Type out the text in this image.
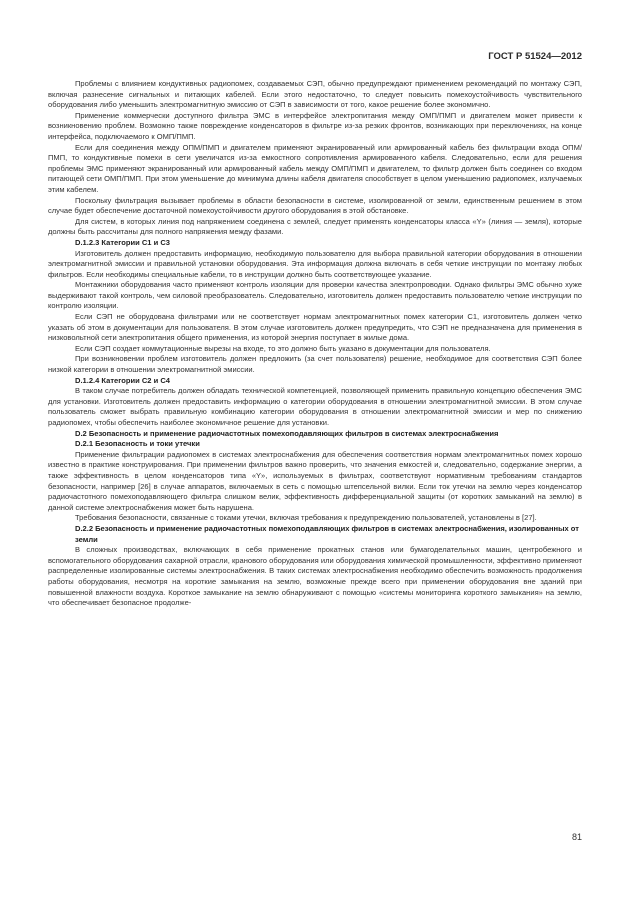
ГОСТ Р 51524—2012

Проблемы с влиянием кондуктивных радиопомех, создаваемых СЭП, обычно предупреждают применением рекомендаций по монтажу СЭП, включая разнесение сигнальных и питающих кабелей. Если этого недостаточно, то следует повысить помехоустойчивость чувствительного оборудования либо уменьшить электромагнитную эмиссию от СЭП в зависимости от того, какое решение более экономично.

Применение коммерчески доступного фильтра ЭМС в интерфейсе электропитания между ОМП/ПМП и двигателем может привести к возникновению проблем. Возможно также повреждение конденсаторов в фильтре из-за резких фронтов, возникающих при переключениях, на конце интерфейса, подключаемого к ОМП/ПМП.

Если для соединения между ОПМ/ПМП и двигателем применяют экранированный или армированный кабель без фильтрации входа ОПМ/ПМП, то кондуктивные помехи в сети увеличатся из-за емкостного сопротивления армированного кабеля. Следовательно, если для решения проблемы ЭМС применяют экранированный или армированный кабель между ОМП/ПМП и двигателем, то фильтр должен быть соединен со входом питающей сети ОМП/ПМП. При этом уменьшение до минимума длины кабеля двигателя способствует в целом уменьшению радиопомех, излучаемых этим кабелем.

Поскольку фильтрация вызывает проблемы в области безопасности в системе, изолированной от земли, единственным решением в этом случае будет обеспечение достаточной помехоустойчивости другого оборудования в этой обстановке.

Для систем, в которых линия под напряжением соединена с землей, следует применять конденсаторы класса «Y» (линия — земля), которые должны быть рассчитаны для полного напряжения между фазами.

D.1.2.3 Категории С1 и С3

Изготовитель должен предоставить информацию, необходимую пользователю для выбора правильной категории оборудования в отношении электромагнитной эмиссии и правильной установки оборудования. Эта информация должна включать в себя четкие инструкции по монтажу любых фильтров. Если необходимы специальные кабели, то в инструкции должно быть соответствующее указание.

Монтажники оборудования часто применяют контроль изоляции для проверки качества электропроводки. Однако фильтры ЭМС обычно хуже выдерживают такой контроль, чем силовой преобразователь. Следовательно, изготовитель должен предоставить пользователю четкие инструкции по контролю изоляции.

Если СЭП не оборудована фильтрами или не соответствует нормам электромагнитных помех категории С1, изготовитель должен четко указать об этом в документации для пользователя. В этом случае изготовитель должен предупредить, что СЭП не предназначена для применения в низковольтной сети электропитания общего применения, из которой энергия поступает в жилые дома.

Если СЭП создает коммутационные вырезы на входе, то это должно быть указано в документации для пользователя.

При возникновении проблем изготовитель должен предложить (за счет пользователя) решение, необходимое для соответствия СЭП более низкой категории в отношении электромагнитной эмиссии.

D.1.2.4 Категории С2 и С4

В таком случае потребитель должен обладать технической компетенцией, позволяющей применить правильную концепцию обеспечения ЭМС для установки. Изготовитель должен предоставить информацию о категории оборудования в отношении электромагнитной эмиссии. В этом случае пользователь сможет выбрать правильную комбинацию категории оборудования в отношении электромагнитной эмиссии и мер по снижению радиопомех, чтобы обеспечить наиболее экономичное решение для установки.

D.2 Безопасность и применение радиочастотных помехоподавляющих фильтров в системах электроснабжения

D.2.1 Безопасность и токи утечки

Применение фильтрации радиопомех в системах электроснабжения для обеспечения соответствия нормам электромагнитных помех хорошо известно в практике конструирования. При применении фильтров важно проверить, что значения емкостей и, следовательно, содержание энергии, а также эффективность в целом конденсаторов типа «Y», используемых в фильтрах, соответствуют нормативным требованиям стандартов безопасности, например [26] в случае аппаратов, включаемых в сеть с помощью штепсельной вилки. Если ток утечки на землю через конденсатор радиочастотного помехоподавляющего фильтра слишком велик, эффективность дифференциальной защиты (от коротких замыканий на землю) в данной системе электроснабжения может быть нарушена.

Требования безопасности, связанные с токами утечки, включая требования к предупреждению пользователей, установлены в [27].

D.2.2 Безопасность и применение радиочастотных помехоподавляющих фильтров в системах электроснабжения, изолированных от земли

В сложных производствах, включающих в себя применение прокатных станов или бумагоделательных машин, центробежного и вспомогательного оборудования сахарной отрасли, кранового оборудования или оборудования химической промышленности, эффективно применяют распределенные изолированные системы электроснабжения. В таких системах электроснабжения необходимо обеспечить возможность продолжения работы оборудования, несмотря на короткие замыкания на землю, возможные прежде всего при применении оборудования вне зданий при повышенной влажности воздуха. Короткое замыкание на землю обнаруживают с помощью «системы мониторинга короткого замыкания» на землю, что обеспечивает безопасное продолже-

81
